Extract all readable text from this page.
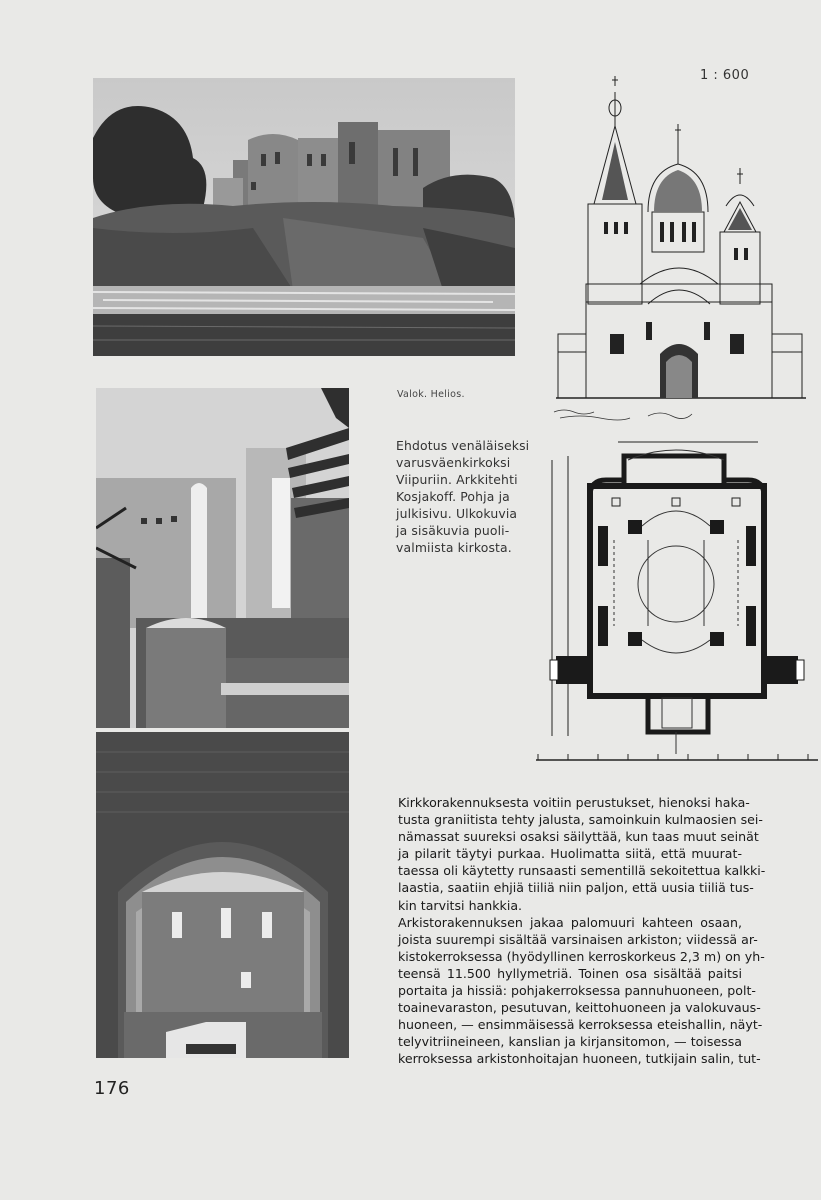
1 : 600
Valok. Helios.
Ehdotus venäläiseksi
varusväenkirkoksi
Viipuriin. Arkkitehti
Kosjakoff. Pohja ja
julkisivu. Ulkokuvia
ja sisäkuvia puoli-
valmiista kirkosta.
Kirkkorakennuksesta voitiin perustukset, hienoksi haka-
tusta graniitista tehty jalusta, samoinkuin kulmaosien sei-
nämassat suureksi osaksi säilyttää, kun taas muut seinät
ja pilarit täytyi purkaa. Huolimatta siitä, että muurat-
taessa oli käytetty runsaasti sementillä sekoitettua kalkki-
laastia, saatiin ehjiä tiiliä niin paljon, että uusia tiiliä tus-
kin tarvitsi hankkia.
Arkistorakennuksen jakaa palomuuri kahteen osaan,
joista suurempi sisältää varsinaisen arkiston; viidessä ar-
kistokerroksessa (hyödyllinen kerroskorkeus 2,3 m) on yh-
teensä 11.500 hyllymetriä. Toinen osa sisältää paitsi
portaita ja hissiä: pohjakerroksessa pannuhuoneen, polt-
toainevaraston, pesutuvan, keittohuoneen ja valokuvaus-
huoneen, — ensimmäisessä kerroksessa eteishallin, näyt-
telyvitriineineen, kanslian ja kirjansitomon, — toisessa
kerroksessa arkistonhoitajan huoneen, tutkijain salin, tut-
176
